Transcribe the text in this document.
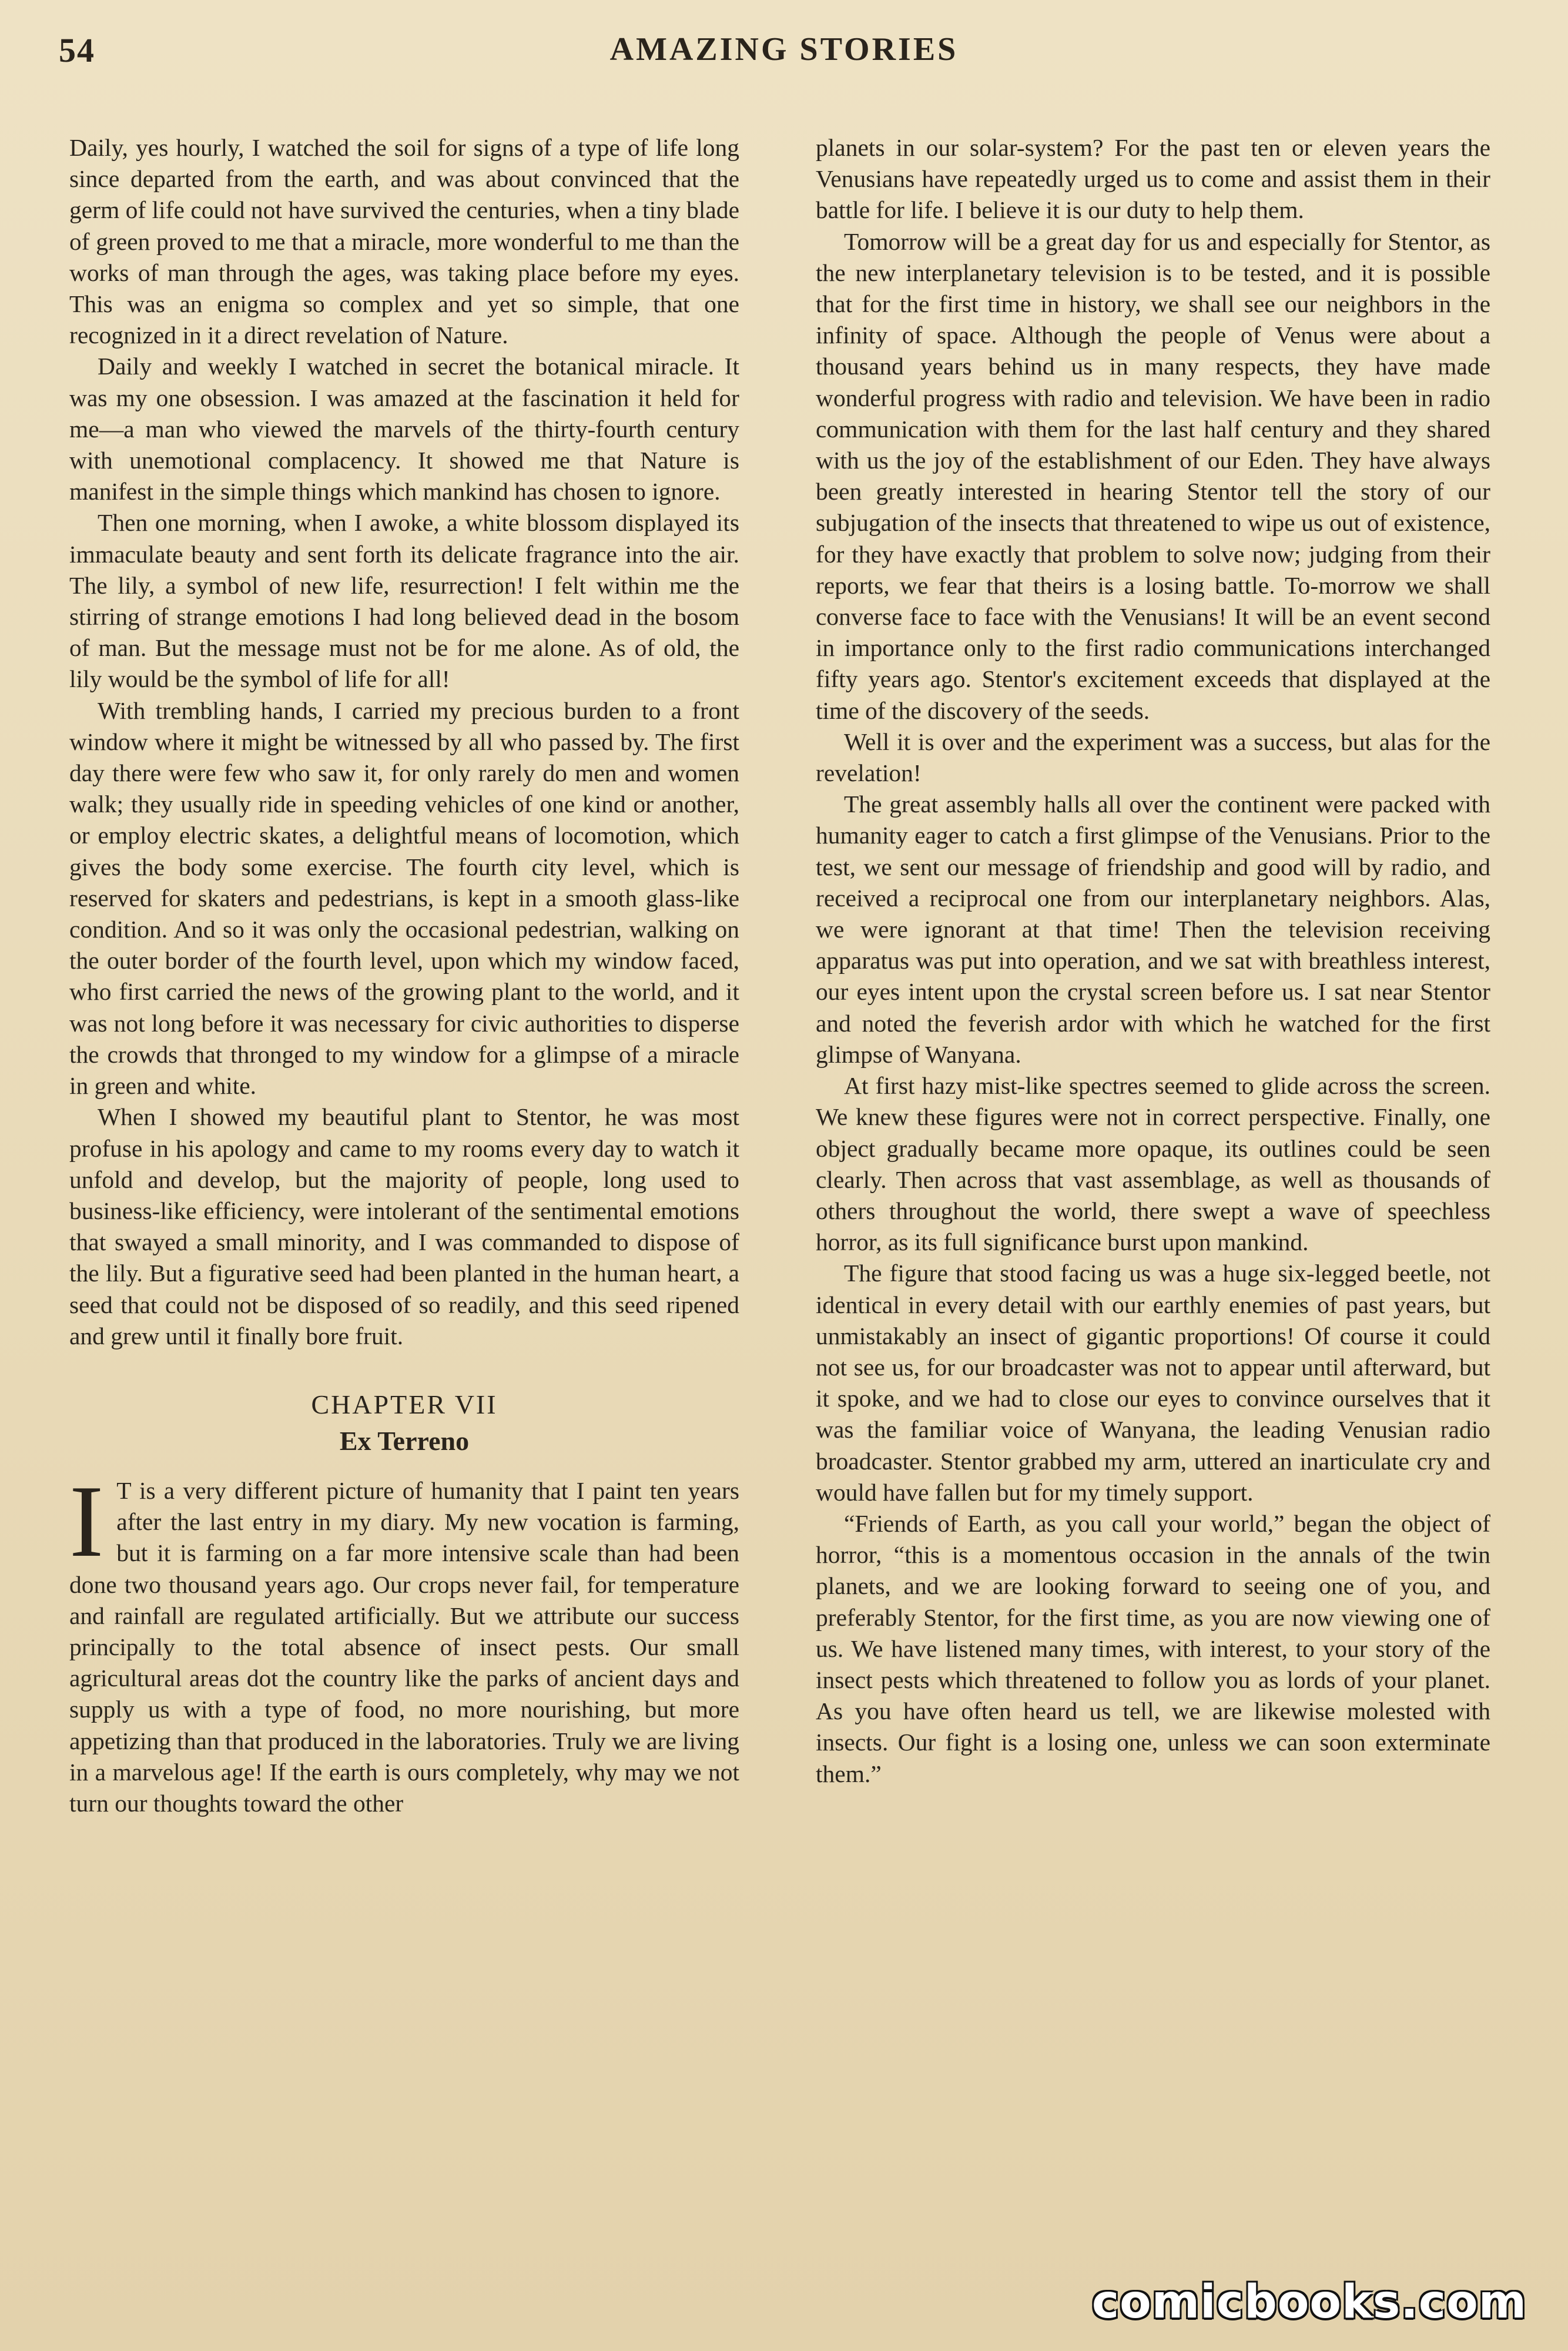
54	AMAZING STORIES

Daily, yes hourly, I watched the soil for signs of a type of life long since departed from the earth, and was about convinced that the germ of life could not have survived the centuries, when a tiny blade of green proved to me that a miracle, more wonderful to me than the works of man through the ages, was taking place before my eyes. This was an enigma so complex and yet so simple, that one recognized in it a direct revelation of Nature.

Daily and weekly I watched in secret the botanical miracle. It was my one obsession. I was amazed at the fascination it held for me—a man who viewed the marvels of the thirty-fourth century with unemotional complacency. It showed me that Nature is manifest in the simple things which mankind has chosen to ignore.

Then one morning, when I awoke, a white blossom displayed its immaculate beauty and sent forth its delicate fragrance into the air. The lily, a symbol of new life, resurrection! I felt within me the stirring of strange emotions I had long believed dead in the bosom of man. But the message must not be for me alone. As of old, the lily would be the symbol of life for all!

With trembling hands, I carried my precious burden to a front window where it might be witnessed by all who passed by. The first day there were few who saw it, for only rarely do men and women walk; they usually ride in speeding vehicles of one kind or another, or employ electric skates, a delightful means of locomotion, which gives the body some exercise. The fourth city level, which is reserved for skaters and pedestrians, is kept in a smooth glass-like condition. And so it was only the occasional pedestrian, walking on the outer border of the fourth level, upon which my window faced, who first carried the news of the growing plant to the world, and it was not long before it was necessary for civic authorities to disperse the crowds that thronged to my window for a glimpse of a miracle in green and white.

When I showed my beautiful plant to Stentor, he was most profuse in his apology and came to my rooms every day to watch it unfold and develop, but the majority of people, long used to business-like efficiency, were intolerant of the sentimental emotions that swayed a small minority, and I was commanded to dispose of the lily. But a figurative seed had been planted in the human heart, a seed that could not be disposed of so readily, and this seed ripened and grew until it finally bore fruit.

CHAPTER VII
Ex Terreno

I T is a very different picture of humanity that I paint ten years after the last entry in my diary. My new vocation is farming, but it is farming on a far more intensive scale than had been done two thousand years ago. Our crops never fail, for temperature and rainfall are regulated artificially. But we attribute our success principally to the total absence of insect pests. Our small agricultural areas dot the country like the parks of ancient days and supply us with a type of food, no more nourishing, but more appetizing than that produced in the laboratories. Truly we are living in a marvelous age! If the earth is ours completely, why may we not turn our thoughts toward the other

planets in our solar-system? For the past ten or eleven years the Venusians have repeatedly urged us to come and assist them in their battle for life. I believe it is our duty to help them.

Tomorrow will be a great day for us and especially for Stentor, as the new interplanetary television is to be tested, and it is possible that for the first time in history, we shall see our neighbors in the infinity of space. Although the people of Venus were about a thousand years behind us in many respects, they have made wonderful progress with radio and television. We have been in radio communication with them for the last half century and they shared with us the joy of the establishment of our Eden. They have always been greatly interested in hearing Stentor tell the story of our subjugation of the insects that threatened to wipe us out of existence, for they have exactly that problem to solve now; judging from their reports, we fear that theirs is a losing battle. To-morrow we shall converse face to face with the Venusians! It will be an event second in importance only to the first radio communications interchanged fifty years ago. Stentor's excitement exceeds that displayed at the time of the discovery of the seeds.

Well it is over and the experiment was a success, but alas for the revelation!

The great assembly halls all over the continent were packed with humanity eager to catch a first glimpse of the Venusians. Prior to the test, we sent our message of friendship and good will by radio, and received a reciprocal one from our interplanetary neighbors. Alas, we were ignorant at that time! Then the television receiving apparatus was put into operation, and we sat with breathless interest, our eyes intent upon the crystal screen before us. I sat near Stentor and noted the feverish ardor with which he watched for the first glimpse of Wanyana.

At first hazy mist-like spectres seemed to glide across the screen. We knew these figures were not in correct perspective. Finally, one object gradually became more opaque, its outlines could be seen clearly. Then across that vast assemblage, as well as thousands of others throughout the world, there swept a wave of speechless horror, as its full significance burst upon mankind.

The figure that stood facing us was a huge six-legged beetle, not identical in every detail with our earthly enemies of past years, but unmistakably an insect of gigantic proportions! Of course it could not see us, for our broadcaster was not to appear until afterward, but it spoke, and we had to close our eyes to convince ourselves that it was the familiar voice of Wanyana, the leading Venusian radio broadcaster. Stentor grabbed my arm, uttered an inarticulate cry and would have fallen but for my timely support.

“Friends of Earth, as you call your world,” began the object of horror, “this is a momentous occasion in the annals of the twin planets, and we are looking forward to seeing one of you, and preferably Stentor, for the first time, as you are now viewing one of us. We have listened many times, with interest, to your story of the insect pests which threatened to follow you as lords of your planet. As you have often heard us tell, we are likewise molested with insects. Our fight is a losing one, unless we can soon exterminate them.”

comicbooks.com
